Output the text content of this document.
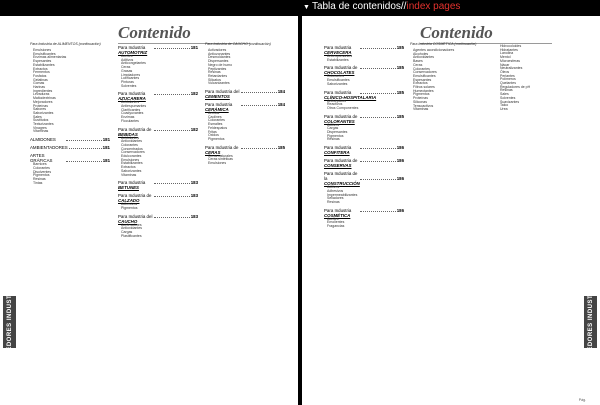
▼ Tabla de contenidos//index pages
Contenido
PROVEEDORES INDUSTRIALES
Para Industria de ALIMENTOS (continuación)
Emulsiones
Emulsificantes
Enzimas alimentarias
Espesantes
Estabilizantes
Extractos
Fermentos
Fosfatos
Gelatinas
Gomas
Harinas
Ingredientes
Levaduras
Maltodextrinas
Mejoradores
Proteínas
Sabores
Saborizantes
Sales
Sustitutos
Texturizantes
Vinagres
Vitaminas
ALMIDONES	181
AMBIENTADORES	181
ARTES GRÁFICAS	181
Barnices
Colorantes
Disolventes
Pigmentos
Resinas
Tintas
Para Industria	181
AUTOMOTRIZ
Aceites
Aditivos
Anticongelantes
Ceras
Grasas
Limpiadores
Lubricantes
Pinturas
Solventes
Para Industria	182
AZUCARERA
Acidulantes
Antiespumantes
Clarificantes
Coadyuvantes
Enzimas
Floculantes
Para Industria de	182
BEBIDAS
Acidulantes
Antioxidantes
Colorantes
Concentrados
Conservadores
Edulcorantes
Emulsiones
Estabilizantes
Extractos
Saborizantes
Vitaminas
Para Industria	183
BETUNES
Para Industria de	183
CALZADO
Adhesivos
Pigmentos
Para Industria del	183
CAUCHO
Aceleradores
Antioxidantes
Cargas
Plastificantes
Para Industria de CAUCHO (continuación)
Activadores
Antiozonantes
Desmoldantes
Dispersantes
Negro de humo
Peptizantes
Resinas
Retardantes
Silicatos
Vulcanizantes
Para Industria del	184
CEMENTOS
Para Industria	184
CERÁMICA
Arcillas
Caolines
Colorantes
Esmaltes
Feldespatos
Fritas
Óxidos
Pigmentos
Para Industria de	185
CERAS
Ceras naturales
Ceras sintéticas
Emulsiones
Contenido
PROVEEDORES INDUSTRIALES
Para Industria	185
CERVECERA
Antiespumantes
Estabilizantes
Para Industria de	185
CHOCOLATES
Colorantes
Emulsificantes
Saborizantes
Para Industria	185
CLÍNICO-HOSPITALARIA
Antisépticos
Reactivos
Otros Componentes
Para Industria de	185
COLORANTES
Aditivos
Cargas
Dispersantes
Pigmentos
Resinas
Para Industria	186
CONFITERA
Para Industria de	186
CONSERVAS
Para Industria de la	186
CONSTRUCCIÓN
Aditivos
Adhesivos
Impermeabilizantes
Selladores
Resinas
Para Industria	186
COSMÉTICA
Aceites
Emolientes
Fragancias
Para Industria COSMÉTICA (continuación)
Agentes acondicionadores
Alcoholes
Antioxidantes
Bases
Ceras
Colorantes
Conservadores
Emulsificantes
Espesantes
Extractos
Filtros solares
Humectantes
Pigmentos
Proteínas
Siliconas
Tensoactivos
Vitaminas
Hidrocoloides
Hidratantes
Lanolina
Mentol
Microesferas
Nácar
Neutralizantes
Óleos
Perlantes
Polímeros
Quelantes
Reguladores de pH
Resinas
Sales
Solventes
Suavizantes
Talco
Urea
Pág.
